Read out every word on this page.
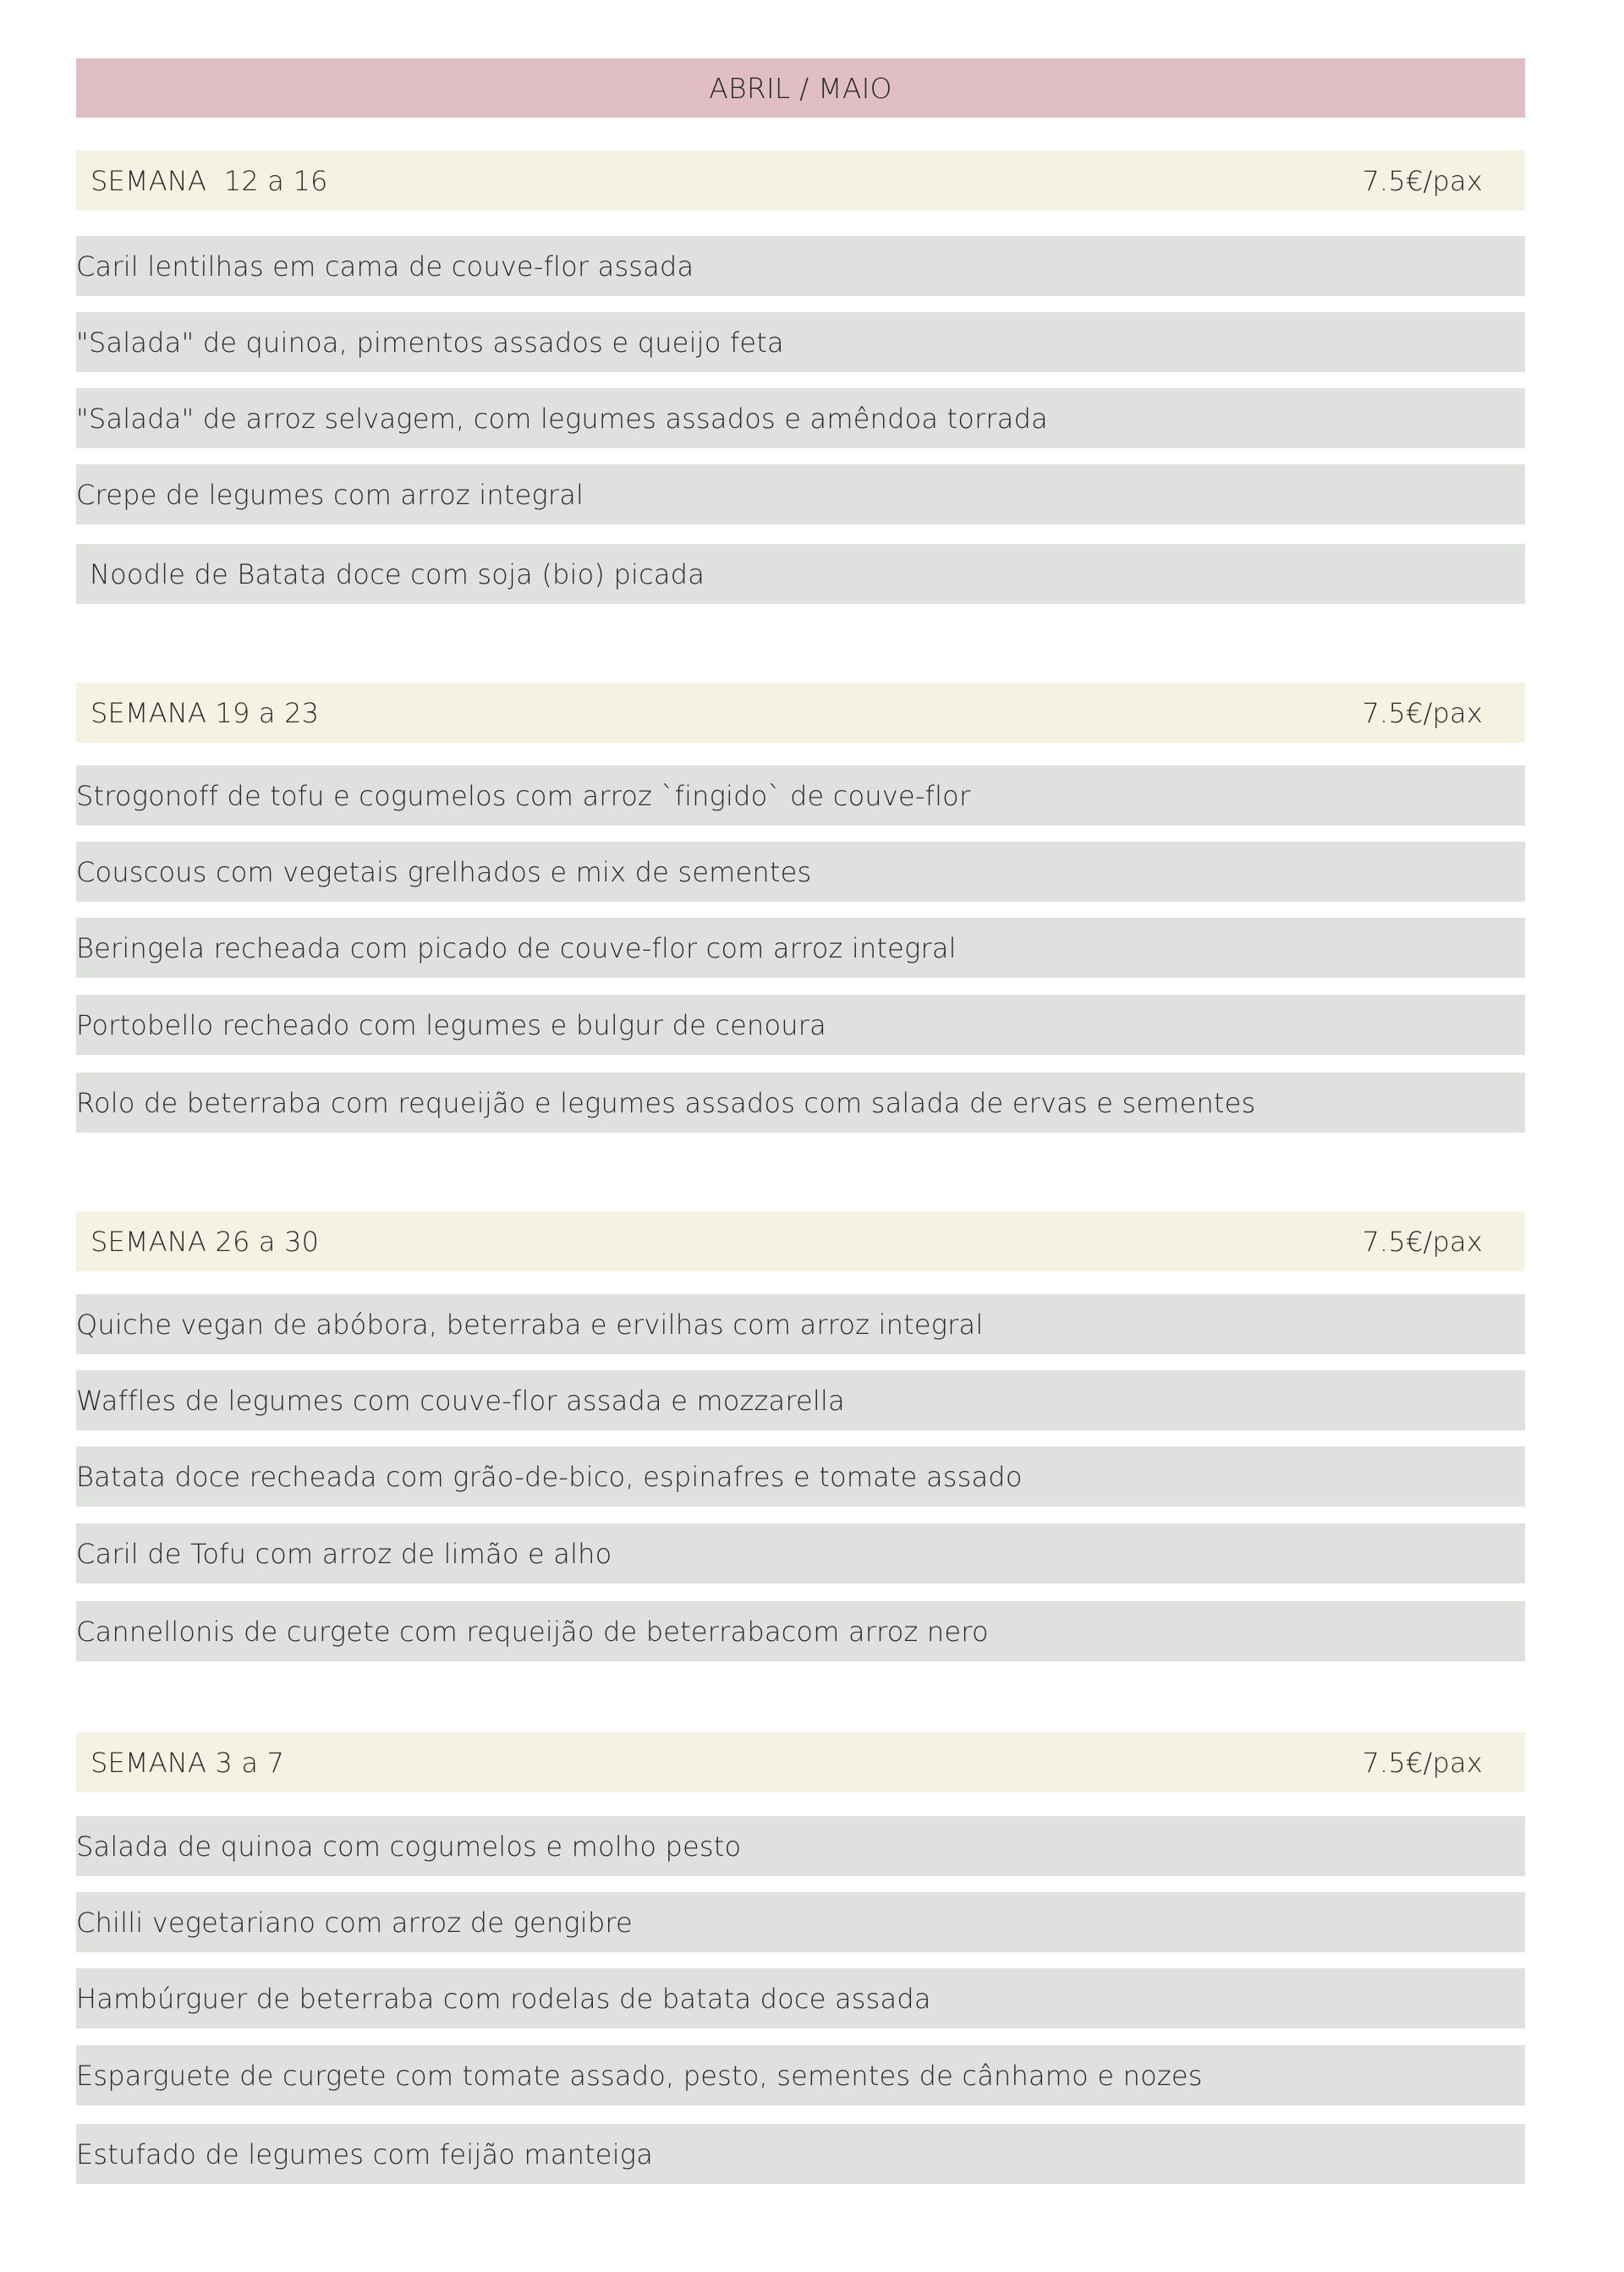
ABRIL / MAIO
SEMANA  12 a 16	7.5€/pax
Caril lentilhas em cama de couve-flor assada
"Salada" de quinoa, pimentos assados e queijo feta
"Salada" de arroz selvagem, com legumes assados e amêndoa torrada
Crepe de legumes com arroz integral
Noodle de Batata doce com soja (bio) picada
SEMANA 19 a 23	7.5€/pax
Strogonoff de tofu e cogumelos com arroz `fingido` de couve-flor
Couscous com vegetais grelhados e mix de sementes
Beringela recheada com picado de couve-flor com arroz integral
Portobello recheado com legumes e bulgur de cenoura
Rolo de beterraba com requeijão e legumes assados com salada de ervas e sementes
SEMANA 26 a 30	7.5€/pax
Quiche vegan de abóbora, beterraba e ervilhas com arroz integral
Waffles de legumes com couve-flor assada e mozzarella
Batata doce recheada com grão-de-bico, espinafres e tomate assado
Caril de Tofu com arroz de limão e alho
Cannellonis de curgete com requeijão de beterrabacom arroz nero
SEMANA 3 a 7	7.5€/pax
Salada de quinoa com cogumelos e molho pesto
Chilli vegetariano com arroz de gengibre
Hambúrguer de beterraba com rodelas de batata doce assada
Esparguete de curgete com tomate assado, pesto, sementes de cânhamo e nozes
Estufado de legumes com feijão manteiga
